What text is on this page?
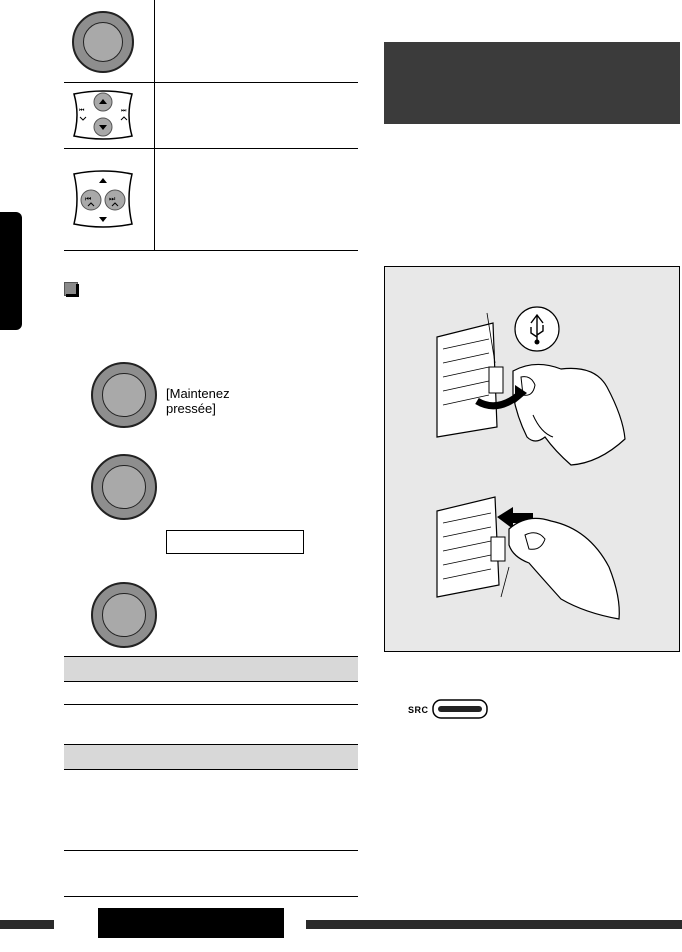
⏮	⏭
⏮	⏭
[Maintenez
pressée]
SRC
